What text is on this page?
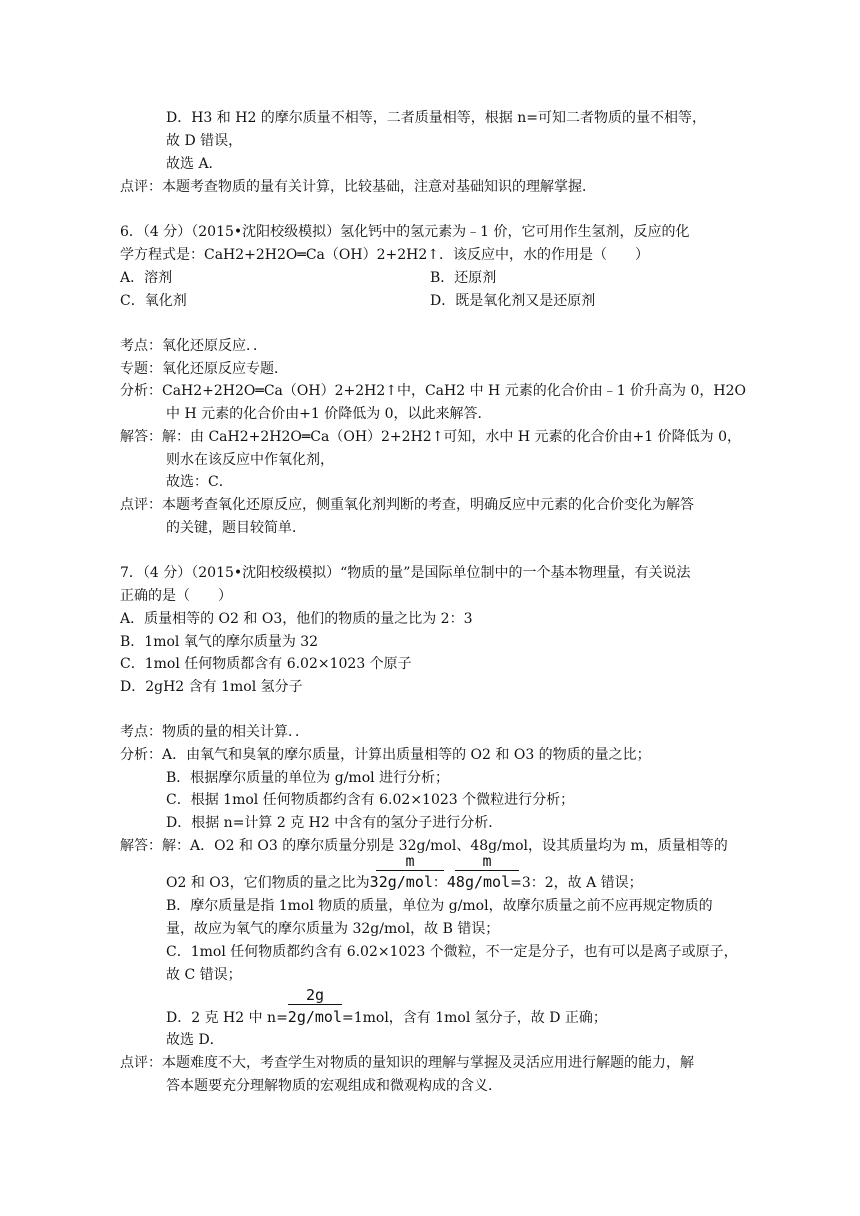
D．H3 和 H2 的摩尔质量不相等，二者质量相等，根据 n=可知二者物质的量不相等，
故 D 错误，
故选 A．
点评：本题考查物质的量有关计算，比较基础，注意对基础知识的理解掌握．
6．（4 分）（2015•沈阳校级模拟）氢化钙中的氢元素为﹣1 价，它可用作生氢剂，反应的化
学方程式是：CaH2+2H2O═Ca（OH）2+2H2↑．该反应中，水的作用是（　　）
A．溶剂	B．还原剂
C．氧化剂	D．既是氧化剂又是还原剂
考点：氧化还原反应．．
专题：氧化还原反应专题．
分析：CaH2+2H2O═Ca（OH）2+2H2↑中，CaH2 中 H 元素的化合价由﹣1 价升高为 0，H2O
中 H 元素的化合价由+1 价降低为 0，以此来解答．
解答：解：由 CaH2+2H2O═Ca（OH）2+2H2↑可知，水中 H 元素的化合价由+1 价降低为 0，
则水在该反应中作氧化剂，
故选：C．
点评：本题考查氧化还原反应，侧重氧化剂判断的考查，明确反应中元素的化合价变化为解答
的关键，题目较简单．
7．（4 分）（2015•沈阳校级模拟）“物质的量”是国际单位制中的一个基本物理量，有关说法
正确的是（　　）
A．质量相等的 O2 和 O3，他们的物质的量之比为 2：3
B．1mol 氧气的摩尔质量为 32
C．1mol 任何物质都含有 6.02×1023 个原子
D．2gH2 含有 1mol 氢分子
考点：物质的量的相关计算．．
分析：A．由氧气和臭氧的摩尔质量，计算出质量相等的 O2 和 O3 的物质的量之比；
B．根据摩尔质量的单位为 g/mol 进行分析；
C．根据 1mol 任何物质都约含有 6.02×1023 个微粒进行分析；
D．根据 n=计算 2 克 H2 中含有的氢分子进行分析．
解答：解：A．O2 和 O3 的摩尔质量分别是 32g/mol、48g/mol，设其质量均为 m，质量相等的
m	m
O2 和 O3，它们物质的量之比为32g/mol：48g/mol=3：2，故 A 错误；
B．摩尔质量是指 1mol 物质的质量，单位为 g/mol，故摩尔质量之前不应再规定物质的
量，故应为氧气的摩尔质量为 32g/mol，故 B 错误；
C．1mol 任何物质都约含有 6.02×1023 个微粒，不一定是分子，也有可以是离子或原子，
故 C 错误；
2g
D．2 克 H2 中 n=2g/mol=1mol，含有 1mol 氢分子，故 D 正确；
故选 D．
点评：本题难度不大，考查学生对物质的量知识的理解与掌握及灵活应用进行解题的能力，解
答本题要充分理解物质的宏观组成和微观构成的含义．
